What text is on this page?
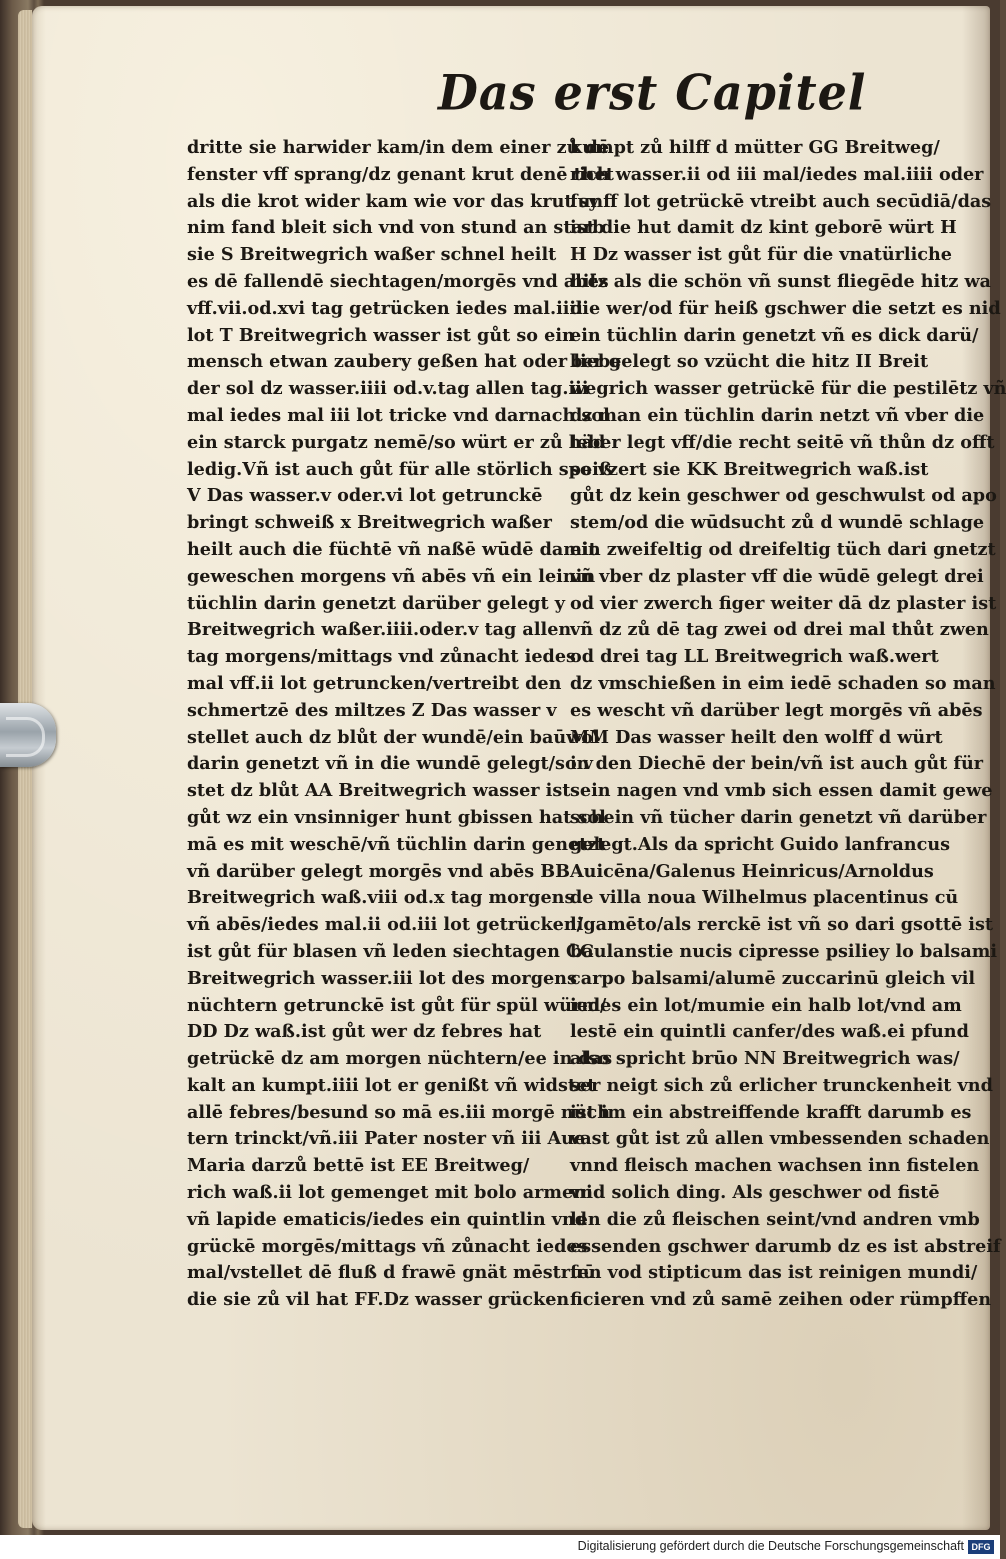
Das erst Capitel
dritte sie harwider kam/in dem einer zů dē
fenster vff sprang/dz genant krut denē thet
als die krot wider kam wie vor das krut sy
nim fand bleit sich vnd von stund an starb
sie S Breitwegrich waßer schnel heilt
es dē fallendē siechtagen/morgēs vnd abēs
vff.vii.od.xvi tag getrücken iedes mal.iiii
lot T Breitwegrich wasser ist gůt so ein
mensch etwan zaubery geßen hat oder liebe
der sol dz wasser.iiii od.v.tag allen tag.iii
mal iedes mal iii lot tricke vnd darnach sol
ein starck purgatz nemē/so würt er zů häd
ledig.Vñ ist auch gůt für alle störlich speiß
V Das wasser.v oder.vi lot getrunckē
bringt schweiß x Breitwegrich waßer
heilt auch die füchtē vñ naßē wūdē damit
geweschen morgens vñ abēs vñ ein leinin
tüchlin darin genetzt darüber gelegt y
Breitwegrich waßer.iiii.oder.v tag allen
tag morgens/mittags vnd zůnacht iedes
mal vff.ii lot getruncken/vertreibt den
schmertzē des miltzes Z Das wasser v
stellet auch dz blůt der wundē/ein baūwol
darin genetzt vñ in die wundē gelegt/so v
stet dz blůt AA Breitwegrich wasser ist
gůt wz ein vnsinniger hunt gbissen hat sol
mā es mit weschē/vñ tüchlin darin genetzt
vñ darüber gelegt morgēs vnd abēs BB
Breitwegrich waß.viii od.x tag morgens
vñ abēs/iedes mal.ii od.iii lot getrücken/
ist gůt für blasen vñ leden siechtagen CC
Breitwegrich wasser.iii lot des morgens
nüchtern getrunckē ist gůt für spül würm/
DD Dz waß.ist gůt wer dz febres hat
getrückē dz am morgen nüchtern/ee in das
kalt an kumpt.iiii lot er genißt vñ widstet
allē febres/besund so mā es.iii morgē nüch
tern trinckt/vñ.iii Pater noster vñ iii Aue
Maria darzů bettē ist EE Breitweg/
rich waß.ii lot gemenget mit bolo armeni
vñ lapide ematicis/iedes ein quintlin vnd
grückē morgēs/mittags vñ zůnacht iedes
mal/vstellet dē fluß d frawē gnät mēstruū
die sie zů vil hat FF.Dz wasser grücken
kumpt zů hilff d mütter GG Breitweg/
rich wasser.ii od iii mal/iedes mal.iiii oder
funff lot getrückē vtreibt auch secūdiā/das
ist die hut damit dz kint geborē würt H
H Dz wasser ist gůt für die vnatürliche
hitz als die schön vñ sunst fliegēde hitz wa
die wer/od für heiß gschwer die setzt es nid
ein tüchlin darin genetzt vñ es dick darü/
ber gelegt so vzücht die hitz II Breit
wegrich wasser getrückē für die pestilētz vñ
dz man ein tüchlin darin netzt vñ vber die
leber legt vff/die recht seitē vñ thůn dz offt
so vzert sie KK Breitwegrich waß.ist
gůt dz kein geschwer od geschwulst od apo
stem/od die wūdsucht zů d wundē schlage
ein zweifeltig od dreifeltig tüch dari gnetzt
vñ vber dz plaster vff die wūdē gelegt drei
od vier zwerch figer weiter dā dz plaster ist
vñ dz zů dē tag zwei od drei mal thůt zwen
od drei tag LL Breitwegrich waß.wert
dz vmschießen in eim iedē schaden so man
es wescht vñ darüber legt morgēs vñ abēs
MM Das wasser heilt den wolff d würt
in den Diechē der bein/vñ ist auch gůt für
sein nagen vnd vmb sich essen damit gewe
schein vñ tücher darin genetzt vñ darüber
gelegt.Als da spricht Guido lanfrancus
Auicēna/Galenus Heinricus/Arnoldus
de villa noua Wilhelmus placentinus cū
ligamēto/als rerckē ist vñ so dari gsottē ist
baulanstie nucis cipresse psiliey lo balsami
carpo balsami/alumē zuccarinū gleich vil
iedes ein lot/mumie ein halb lot/vnd am
lestē ein quintli canfer/des waß.ei pfund
also spricht brūo NN Breitwegrich was/
ser neigt sich zů erlicher trunckenheit vnd
ist im ein abstreiffende krafft darumb es
vast gůt ist zů allen vmbessenden schaden
vnnd fleisch machen wachsen inn fistelen
vnd solich ding. Als geschwer od fistē
len die zů fleischen seint/vnd andren vmb
essenden gschwer darumb dz es ist abstreif
fen vod stipticum das ist reinigen mundi/
ficieren vnd zů samē zeihen oder rümpffen
Digitalisierung gefördert durch die Deutsche Forschungsgemeinschaft DFG
